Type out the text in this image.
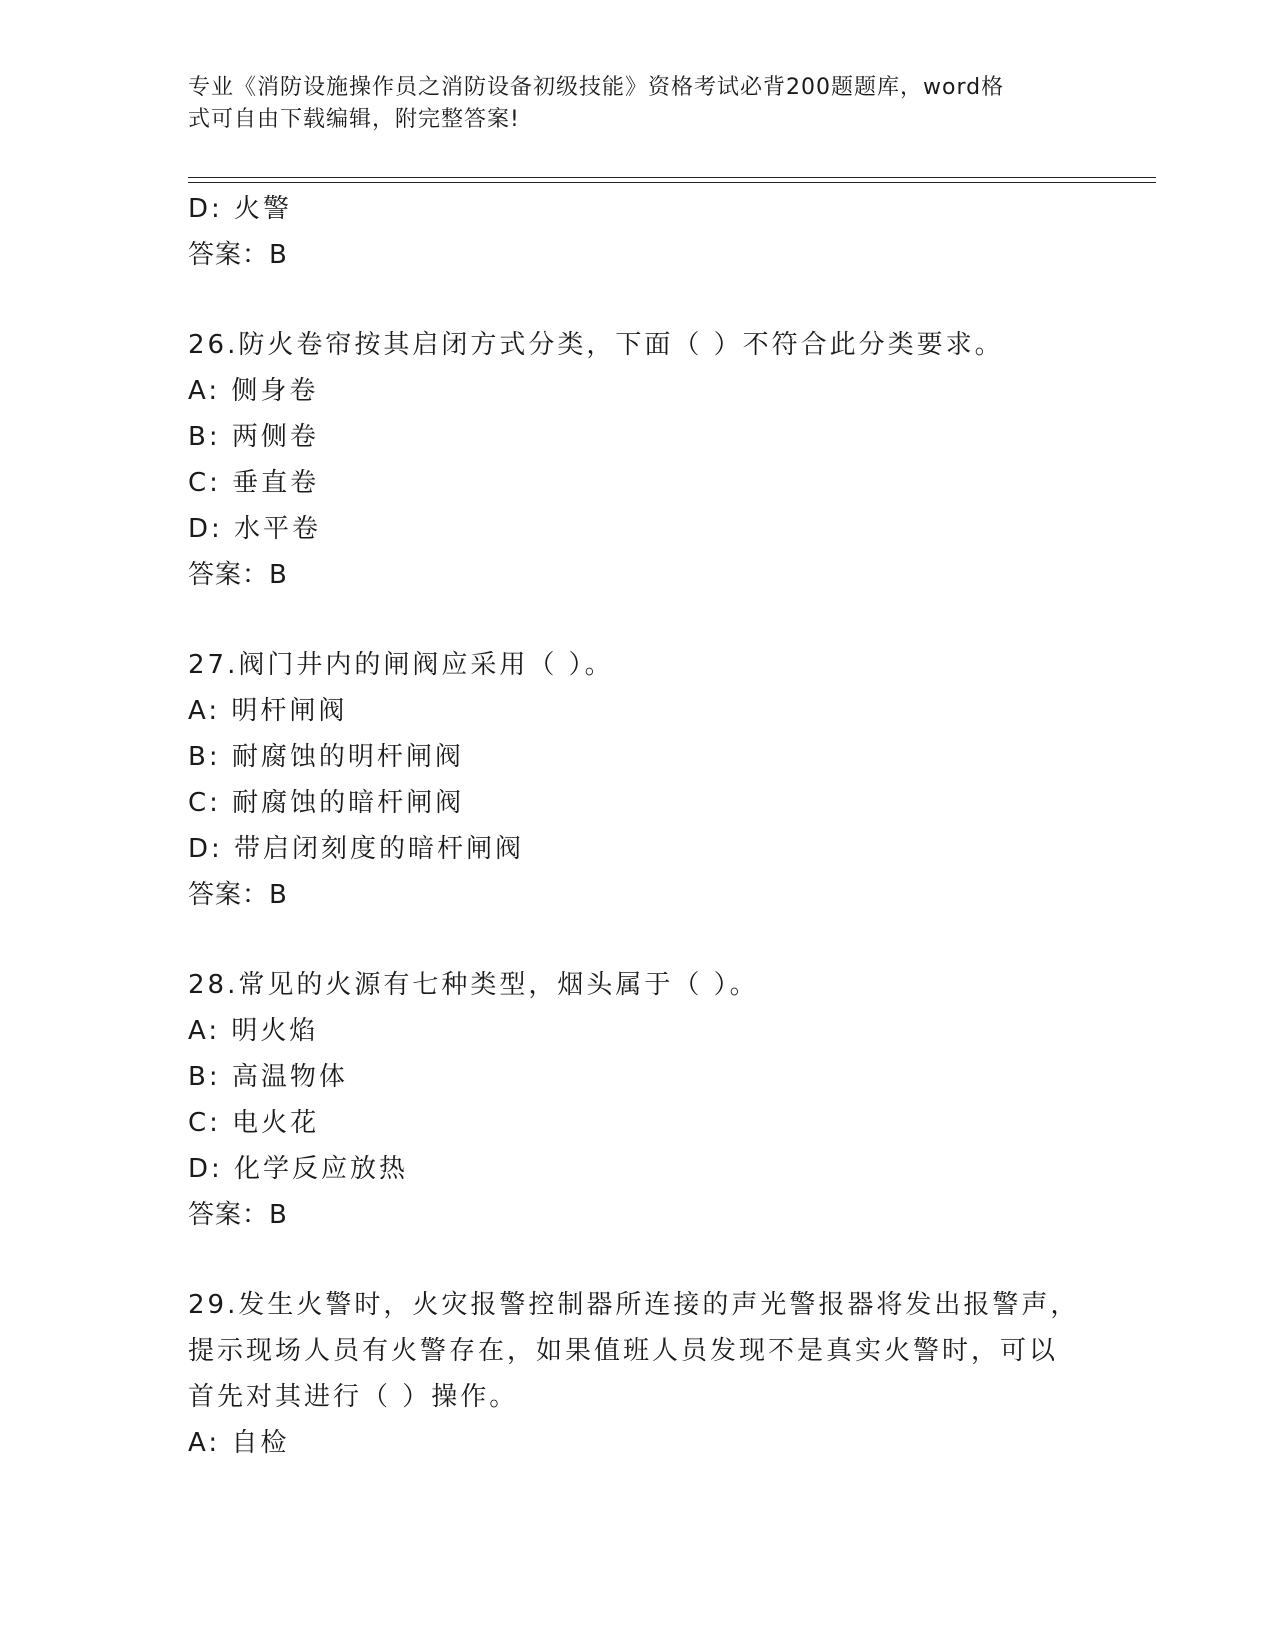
专业《消防设施操作员之消防设备初级技能》资格考试必背200题题库，word格
式可自由下载编辑，附完整答案!
D: 火警
答案：B
26.防火卷帘按其启闭方式分类，下面（ ）不符合此分类要求。
A: 侧身卷
B: 两侧卷
C: 垂直卷
D: 水平卷
答案：B
27.阀门井内的闸阀应采用（ ）。
A: 明杆闸阀
B: 耐腐蚀的明杆闸阀
C: 耐腐蚀的暗杆闸阀
D: 带启闭刻度的暗杆闸阀
答案：B
28.常见的火源有七种类型，烟头属于（ ）。
A: 明火焰
B: 高温物体
C: 电火花
D: 化学反应放热
答案：B
29.发生火警时，火灾报警控制器所连接的声光警报器将发出报警声，
提示现场人员有火警存在，如果值班人员发现不是真实火警时，可以
首先对其进行（ ）操作。
A: 自检
